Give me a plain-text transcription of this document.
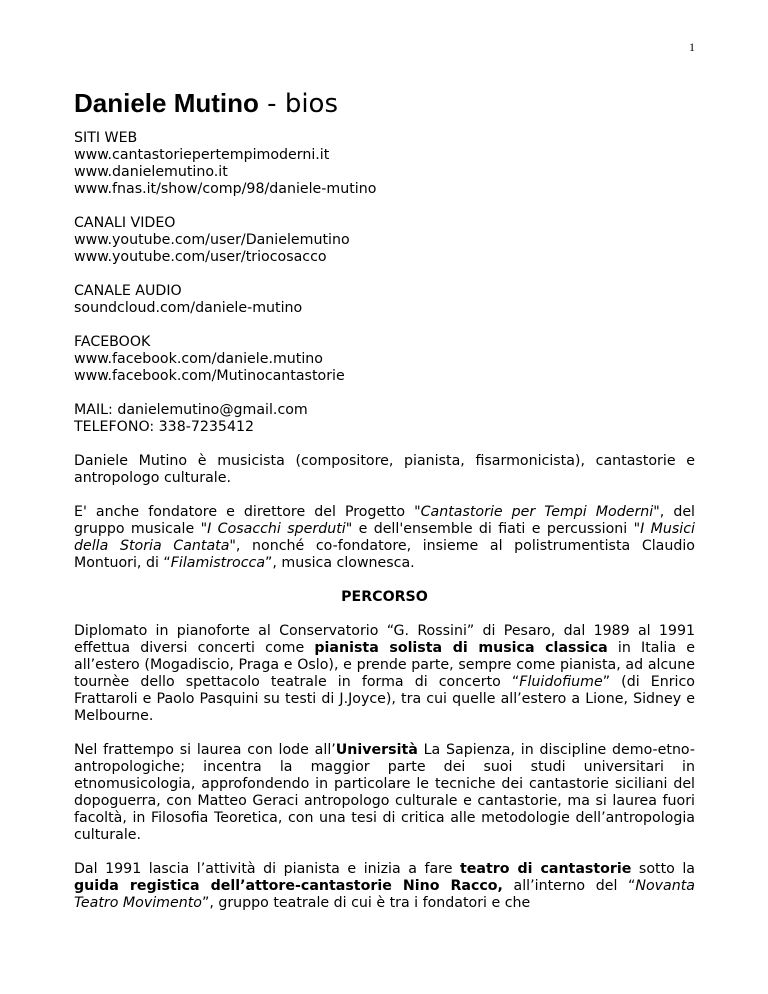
1
Daniele Mutino - bios
SITI WEB
www.cantastoriepertempimoderni.it
www.danielemutino.it
www.fnas.it/show/comp/98/daniele-mutino
CANALI VIDEO
www.youtube.com/user/Danielemutino
www.youtube.com/user/triocosacco
CANALE AUDIO
soundcloud.com/daniele-mutino
FACEBOOK
www.facebook.com/daniele.mutino
www.facebook.com/Mutinocantastorie
MAIL: danielemutino@gmail.com
TELEFONO: 338-7235412

Daniele Mutino è musicista (compositore, pianista, fisarmonicista), cantastorie e antropologo culturale.

E' anche fondatore e direttore del Progetto "Cantastorie per Tempi Moderni", del gruppo musicale "I Cosacchi sperduti" e dell'ensemble di fiati e percussioni "I Musici della Storia Cantata", nonché co-fondatore, insieme al polistrumentista Claudio Montuori, di “Filamistrocca”, musica clownesca.

PERCORSO

Diplomato in pianoforte al Conservatorio “G. Rossini” di Pesaro, dal 1989 al 1991 effettua diversi concerti come pianista solista di musica classica in Italia e all’estero (Mogadiscio, Praga e Oslo), e prende parte, sempre come pianista, ad alcune tournèe dello spettacolo teatrale in forma di concerto “Fluidofiume” (di Enrico Frattaroli e Paolo Pasquini su testi di J.Joyce), tra cui quelle all’estero a Lione, Sidney e Melbourne.

Nel frattempo si laurea con lode all’Università La Sapienza, in discipline demo-etno-antropologiche; incentra la maggior parte dei suoi studi universitari in etnomusicologia, approfondendo in particolare le tecniche dei cantastorie siciliani del dopoguerra, con Matteo Geraci antropologo culturale e cantastorie, ma si laurea fuori facoltà, in Filosofia Teoretica, con una tesi di critica alle metodologie dell’antropologia culturale.

Dal 1991 lascia l’attività di pianista e inizia a fare teatro di cantastorie sotto la guida registica dell’attore-cantastorie Nino Racco, all’interno del “Novanta Teatro Movimento”, gruppo teatrale di cui è tra i fondatori e che
